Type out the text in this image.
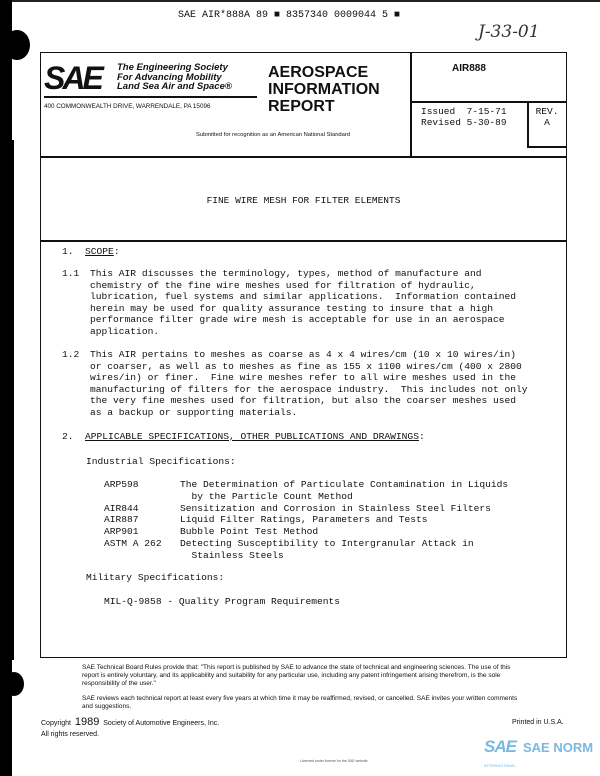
SAE AIR*888A 89 ■ 8357340 0009044 5 ■
J-33-01
SAE The Engineering Society
For Advancing Mobility
Land Sea Air and Space®
400 COMMONWEALTH DRIVE, WARRENDALE, PA 15096
AEROSPACE
INFORMATION
REPORT
Submitted for recognition as an American National Standard
AIR888
Issued 7-15-71
Revised 5-30-89
REV.
A
FINE WIRE MESH FOR FILTER ELEMENTS
1. SCOPE:
1.1 This AIR discusses the terminology, types, method of manufacture and
chemistry of the fine wire meshes used for filtration of hydraulic,
lubrication, fuel systems and similar applications.  Information contained
herein may be used for quality assurance testing to insure that a high
performance filter grade wire mesh is acceptable for use in an aerospace
application.
1.2 This AIR pertains to meshes as coarse as 4 x 4 wires/cm (10 x 10 wires/in)
or coarser, as well as to meshes as fine as 155 x 1100 wires/cm (400 x 2800
wires/in) or finer.  Fine wire meshes refer to all wire meshes used in the
manufacturing of filters for the aerospace industry.  This includes not only
the very fine meshes used for filtration, but also the coarser meshes used
as a backup or supporting materials.
2. APPLICABLE SPECIFICATIONS, OTHER PUBLICATIONS AND DRAWINGS:
Industrial Specifications:
ARP598

AIR844
AIR887
ARP901
ASTM A 262
The Determination of Particulate Contamination in Liquids
by the Particle Count Method
Sensitization and Corrosion in Stainless Steel Filters
Liquid Filter Ratings, Parameters and Tests
Bubble Point Test Method
Detecting Susceptibility to Intergranular Attack in
Stainless Steels
Military Specifications:
MIL-Q-9858 - Quality Program Requirements
SAE Technical Board Rules provide that: "This report is published by SAE to advance the state of technical and engineering sciences. The use of this report is entirely voluntary, and its applicability and suitability for any particular use, including any patent infringement arising therefrom, is the sole responsibility of the user."
SAE reviews each technical report at least every five years at which time it may be reaffirmed, revised, or cancelled. SAE invites your written comments and suggestions.
Copyright 1989 Society of Automotive Engineers, Inc.
All rights reserved.
Printed in U.S.A.
Licensed under license for the SAE website
SAE SAE NORM
INTERNATIONAL
